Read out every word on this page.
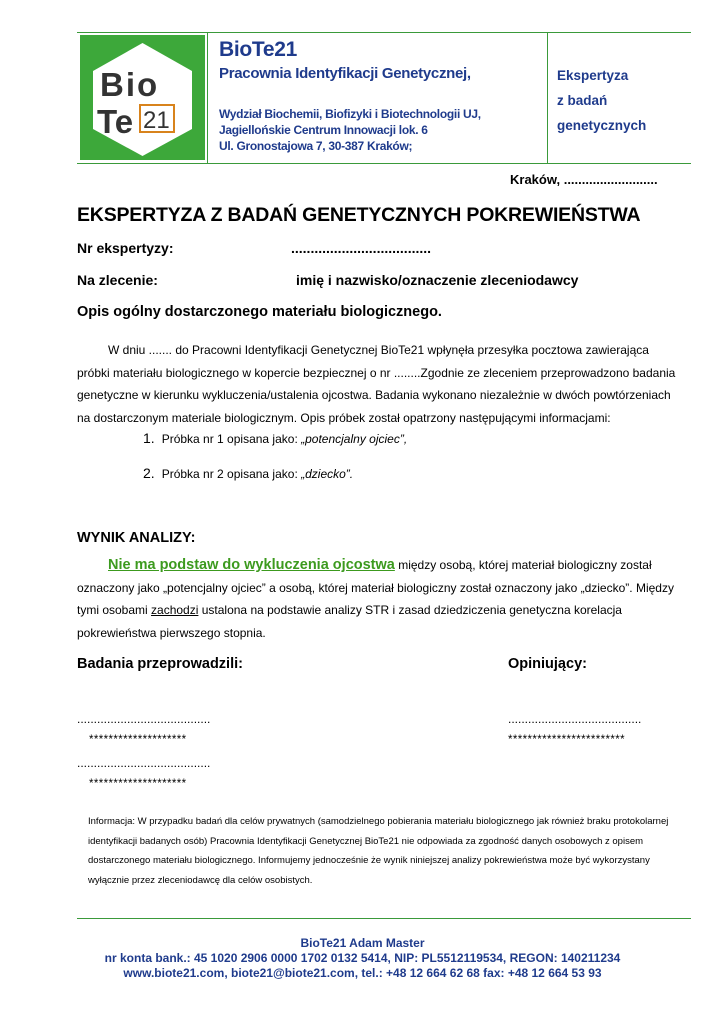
Bio
Te 21
BioTe21
Pracownia Identyfikacji Genetycznej,
Wydział Biochemii, Biofizyki i Biotechnologii UJ,
Jagiellońskie Centrum Innowacji lok. 6
Ul. Gronostajowa 7, 30-387 Kraków;
Ekspertyza
z badań
genetycznych
Kraków, ..........................
EKSPERTYZA Z BADAŃ GENETYCZNYCH POKREWIEŃSTWA
Nr ekspertyzy:	....................................
Na zlecenie:	imię i nazwisko/oznaczenie zleceniodawcy
Opis ogólny dostarczonego materiału biologicznego.
W dniu ....... do Pracowni Identyfikacji Genetycznej BioTe21 wpłynęła przesyłka pocztowa zawierająca
próbki materiału biologicznego w kopercie bezpiecznej o nr ........Zgodnie ze zleceniem przeprowadzono badania
genetyczne w kierunku wykluczenia/ustalenia ojcostwa. Badania wykonano niezależnie w dwóch powtórzeniach
na dostarczonym materiale biologicznym. Opis próbek został opatrzony następującymi informacjami:
1. Próbka nr 1 opisana jako: „potencjalny ojciec”,
2. Próbka nr 2 opisana jako: „dziecko”.
WYNIK ANALIZY:
Nie ma podstaw do wykluczenia ojcostwa między osobą, której materiał biologiczny został
oznaczony jako „potencjalny ojciec” a osobą, której materiał biologiczny został oznaczony jako „dziecko”. Między
tymi osobami zachodzi ustalona na podstawie analizy STR i zasad dziedziczenia genetyczna korelacja
pokrewieństwa pierwszego stopnia.
Badania przeprowadzili:	Opiniujący:
........................................
********************
........................................
********************
........................................
************************
Informacja: W przypadku badań dla celów prywatnych (samodzielnego pobierania materiału biologicznego jak również braku protokolarnej
identyfikacji badanych osób) Pracownia Identyfikacji Genetycznej BioTe21 nie odpowiada za zgodność danych osobowych z opisem
dostarczonego materiału biologicznego. Informujemy jednocześnie że wynik niniejszej analizy pokrewieństwa może być wykorzystany
wyłącznie przez zleceniodawcę dla celów osobistych.
BioTe21 Adam Master
nr konta bank.: 45 1020 2906 0000 1702 0132 5414, NIP: PL5512119534, REGON: 140211234
www.biote21.com, biote21@biote21.com, tel.: +48 12 664 62 68 fax: +48 12 664 53 93
